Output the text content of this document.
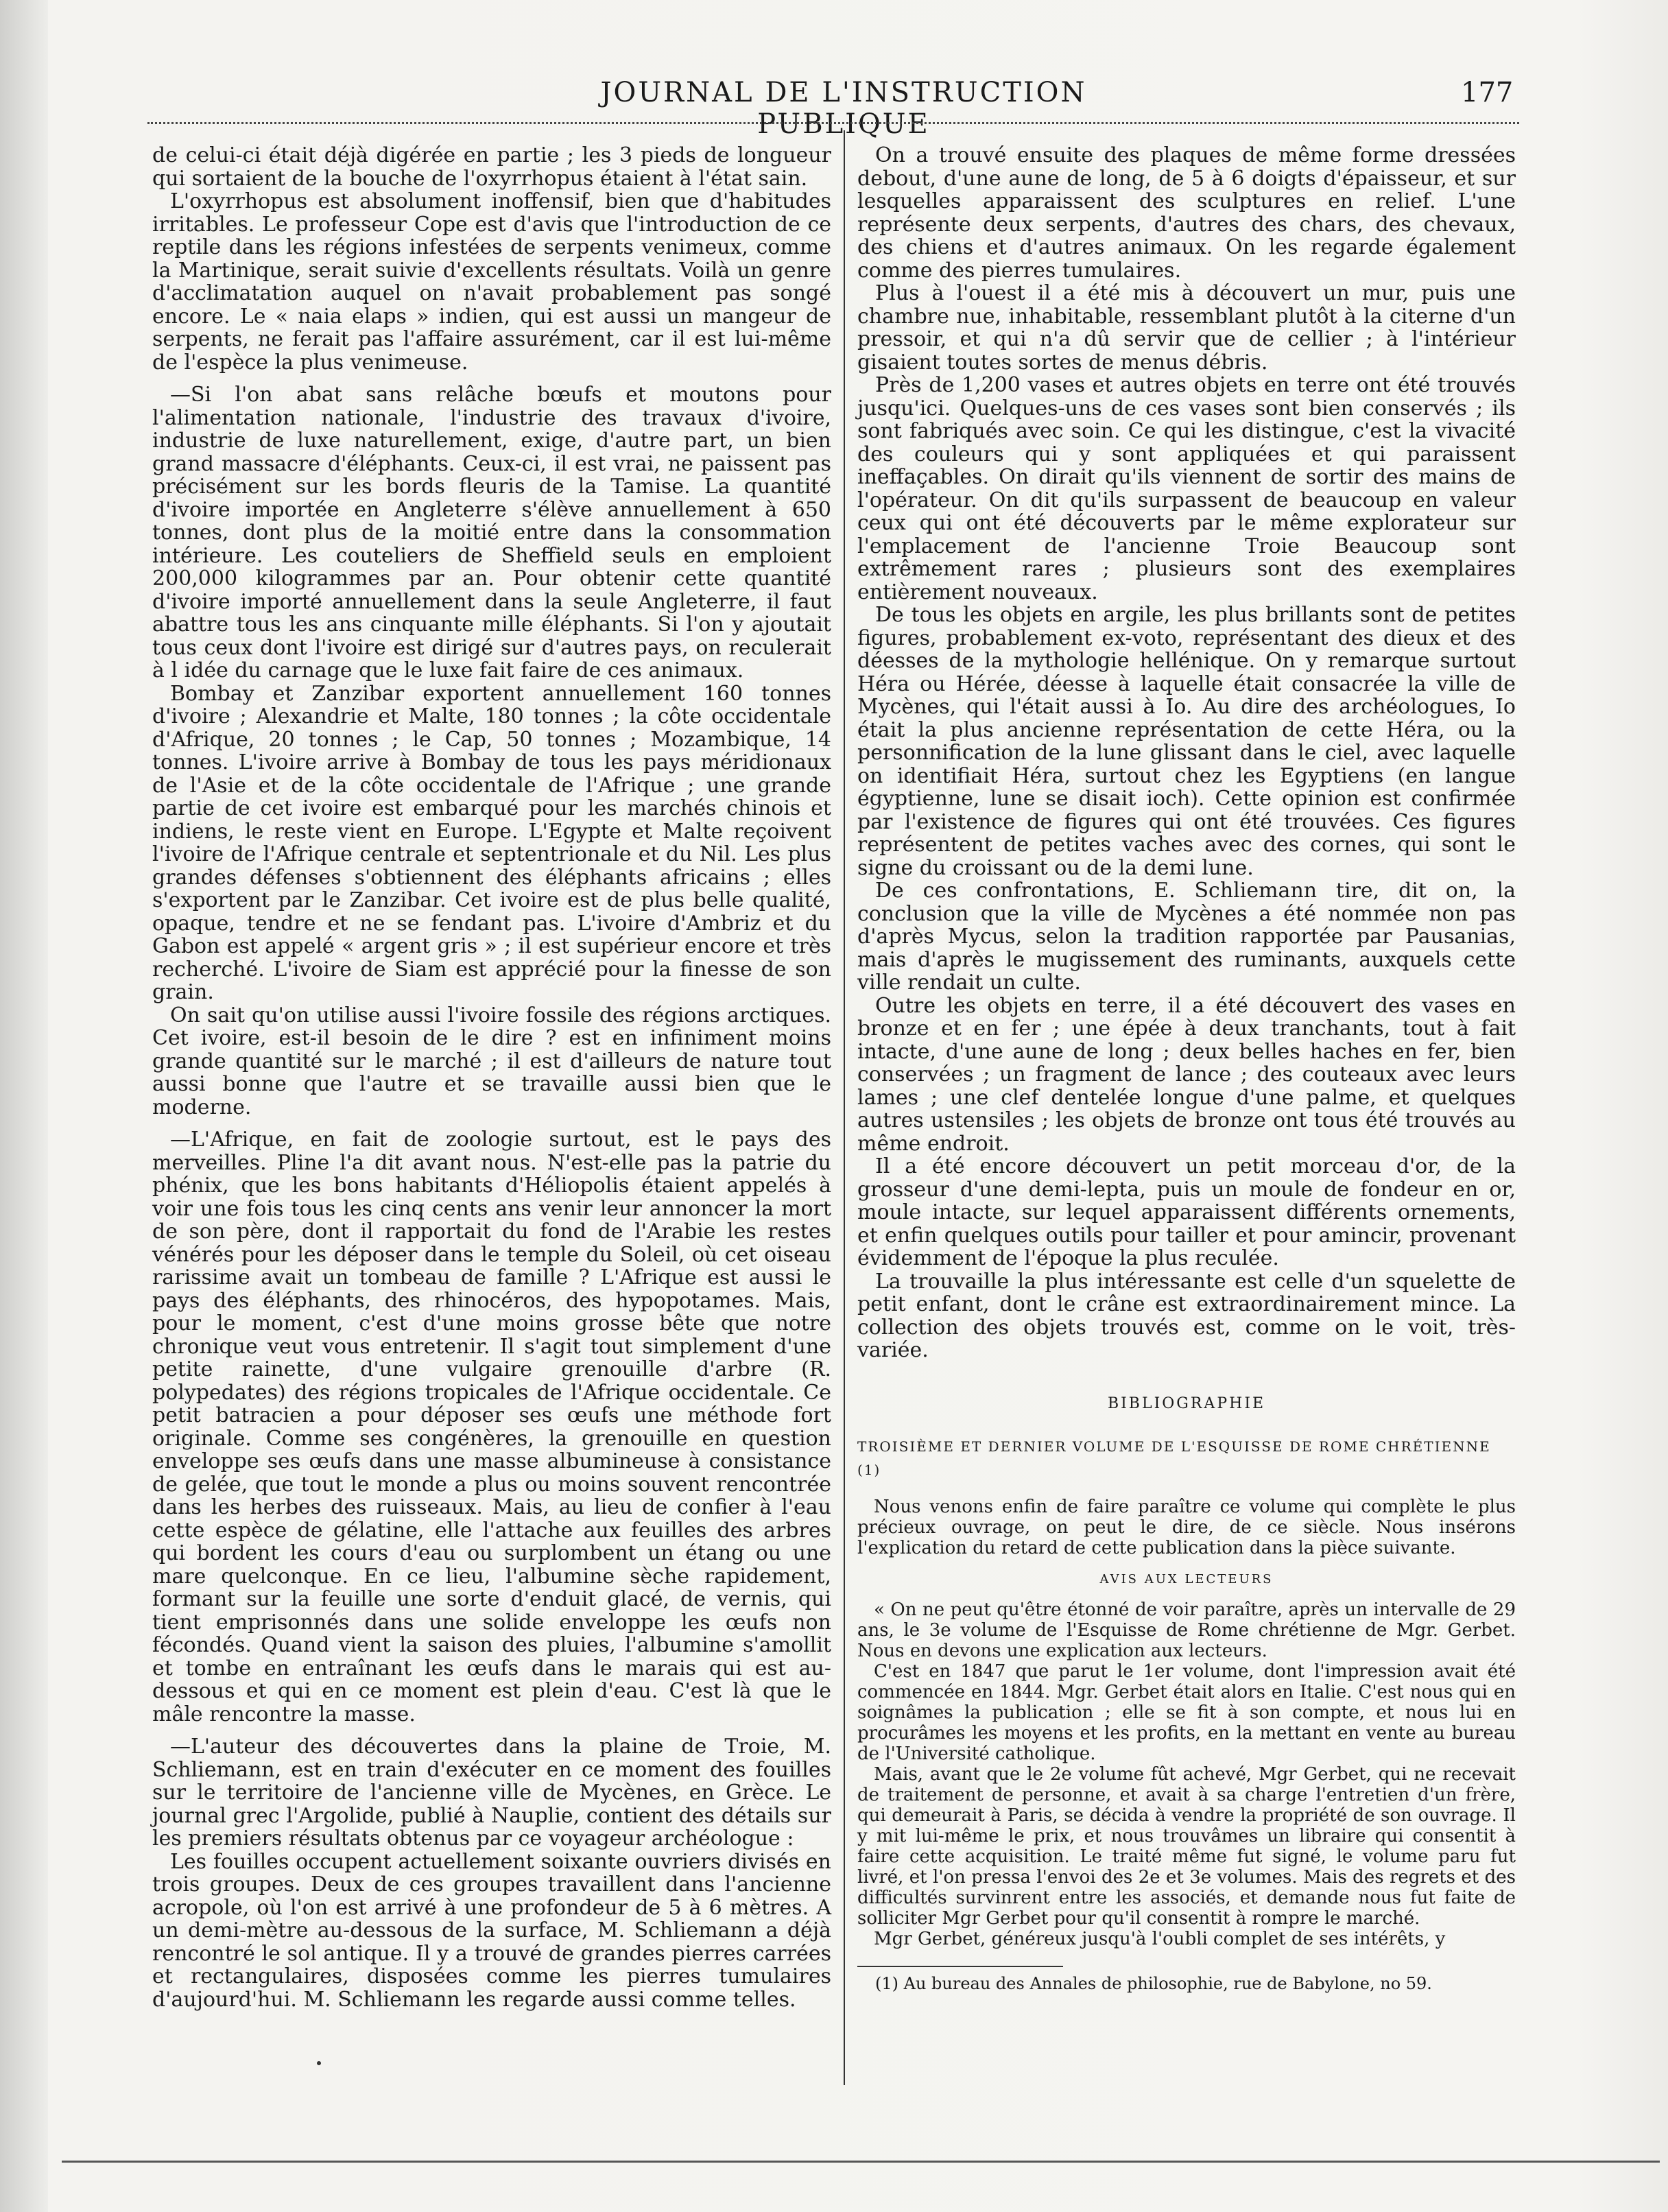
JOURNAL DE L'INSTRUCTION PUBLIQUE
177

de celui-ci était déjà digérée en partie ; les 3 pieds de longueur qui sortaient de la bouche de l'oxyrrhopus étaient à l'état sain.

L'oxyrrhopus est absolument inoffensif, bien que d'habitudes irritables. Le professeur Cope est d'avis que l'introduction de ce reptile dans les régions infestées de serpents venimeux, comme la Martinique, serait suivie d'excellents résultats. Voilà un genre d'acclimatation auquel on n'avait probablement pas songé encore. Le « naia elaps » indien, qui est aussi un mangeur de serpents, ne ferait pas l'affaire assurément, car il est lui-même de l'espèce la plus venimeuse.

—Si l'on abat sans relâche bœufs et moutons pour l'alimentation nationale, l'industrie des travaux d'ivoire, industrie de luxe naturellement, exige, d'autre part, un bien grand massacre d'éléphants. Ceux-ci, il est vrai, ne paissent pas précisément sur les bords fleuris de la Tamise. La quantité d'ivoire importée en Angleterre s'élève annuellement à 650 tonnes, dont plus de la moitié entre dans la consommation intérieure. Les couteliers de Sheffield seuls en emploient 200,000 kilogrammes par an. Pour obtenir cette quantité d'ivoire importé annuellement dans la seule Angleterre, il faut abattre tous les ans cinquante mille éléphants. Si l'on y ajoutait tous ceux dont l'ivoire est dirigé sur d'autres pays, on reculerait à l idée du carnage que le luxe fait faire de ces animaux.

Bombay et Zanzibar exportent annuellement 160 tonnes d'ivoire ; Alexandrie et Malte, 180 tonnes ; la côte occidentale d'Afrique, 20 tonnes ; le Cap, 50 tonnes ; Mozambique, 14 tonnes. L'ivoire arrive à Bombay de tous les pays méridionaux de l'Asie et de la côte occidentale de l'Afrique ; une grande partie de cet ivoire est embarqué pour les marchés chinois et indiens, le reste vient en Europe. L'Egypte et Malte reçoivent l'ivoire de l'Afrique centrale et septentrionale et du Nil. Les plus grandes défenses s'obtiennent des éléphants africains ; elles s'exportent par le Zanzibar. Cet ivoire est de plus belle qualité, opaque, tendre et ne se fendant pas. L'ivoire d'Ambriz et du Gabon est appelé « argent gris » ; il est supérieur encore et très recherché. L'ivoire de Siam est apprécié pour la finesse de son grain.

On sait qu'on utilise aussi l'ivoire fossile des régions arctiques. Cet ivoire, est-il besoin de le dire ? est en infiniment moins grande quantité sur le marché ; il est d'ailleurs de nature tout aussi bonne que l'autre et se travaille aussi bien que le moderne.

—L'Afrique, en fait de zoologie surtout, est le pays des merveilles. Pline l'a dit avant nous. N'est-elle pas la patrie du phénix, que les bons habitants d'Héliopolis étaient appelés à voir une fois tous les cinq cents ans venir leur annoncer la mort de son père, dont il rapportait du fond de l'Arabie les restes vénérés pour les déposer dans le temple du Soleil, où cet oiseau rarissime avait un tombeau de famille ? L'Afrique est aussi le pays des éléphants, des rhinocéros, des hypopotames. Mais, pour le moment, c'est d'une moins grosse bête que notre chronique veut vous entretenir. Il s'agit tout simplement d'une petite rainette, d'une vulgaire grenouille d'arbre (R. polypedates) des régions tropicales de l'Afrique occidentale. Ce petit batracien a pour déposer ses œufs une méthode fort originale. Comme ses congénères, la grenouille en question enveloppe ses œufs dans une masse albumineuse à consistance de gelée, que tout le monde a plus ou moins souvent rencontrée dans les herbes des ruisseaux. Mais, au lieu de confier à l'eau cette espèce de gélatine, elle l'attache aux feuilles des arbres qui bordent les cours d'eau ou surplombent un étang ou une mare quelconque. En ce lieu, l'albumine sèche rapidement, formant sur la feuille une sorte d'enduit glacé, de vernis, qui tient emprisonnés dans une solide enveloppe les œufs non fécondés. Quand vient la saison des pluies, l'albumine s'amollit et tombe en entraînant les œufs dans le marais qui est au-dessous et qui en ce moment est plein d'eau. C'est là que le mâle rencontre la masse.

—L'auteur des découvertes dans la plaine de Troie, M. Schliemann, est en train d'exécuter en ce moment des fouilles sur le territoire de l'ancienne ville de Mycènes, en Grèce. Le journal grec l'Argolide, publié à Nauplie, contient des détails sur les premiers résultats obtenus par ce voyageur archéologue :

Les fouilles occupent actuellement soixante ouvriers divisés en trois groupes. Deux de ces groupes travaillent dans l'ancienne acropole, où l'on est arrivé à une profondeur de 5 à 6 mètres. A un demi-mètre au-dessous de la surface, M. Schliemann a déjà rencontré le sol antique. Il y a trouvé de grandes pierres carrées et rectangulaires, disposées comme les pierres tumulaires d'aujourd'hui. M. Schliemann les regarde aussi comme telles.

On a trouvé ensuite des plaques de même forme dressées debout, d'une aune de long, de 5 à 6 doigts d'épaisseur, et sur lesquelles apparaissent des sculptures en relief. L'une représente deux serpents, d'autres des chars, des chevaux, des chiens et d'autres animaux. On les regarde également comme des pierres tumulaires.

Plus à l'ouest il a été mis à découvert un mur, puis une chambre nue, inhabitable, ressemblant plutôt à la citerne d'un pressoir, et qui n'a dû servir que de cellier ; à l'intérieur gisaient toutes sortes de menus débris.

Près de 1,200 vases et autres objets en terre ont été trouvés jusqu'ici. Quelques-uns de ces vases sont bien conservés ; ils sont fabriqués avec soin. Ce qui les distingue, c'est la vivacité des couleurs qui y sont appliquées et qui paraissent ineffaçables. On dirait qu'ils viennent de sortir des mains de l'opérateur. On dit qu'ils surpassent de beaucoup en valeur ceux qui ont été découverts par le même explorateur sur l'emplacement de l'ancienne Troie Beaucoup sont extrêmement rares ; plusieurs sont des exemplaires entièrement nouveaux.

De tous les objets en argile, les plus brillants sont de petites figures, probablement ex-voto, représentant des dieux et des déesses de la mythologie hellénique. On y remarque surtout Héra ou Hérée, déesse à laquelle était consacrée la ville de Mycènes, qui l'était aussi à Io. Au dire des archéologues, Io était la plus ancienne représentation de cette Héra, ou la personnification de la lune glissant dans le ciel, avec laquelle on identifiait Héra, surtout chez les Egyptiens (en langue égyptienne, lune se disait ioch). Cette opinion est confirmée par l'existence de figures qui ont été trouvées. Ces figures représentent de petites vaches avec des cornes, qui sont le signe du croissant ou de la demi lune.

De ces confrontations, E. Schliemann tire, dit on, la conclusion que la ville de Mycènes a été nommée non pas d'après Mycus, selon la tradition rapportée par Pausanias, mais d'après le mugissement des ruminants, auxquels cette ville rendait un culte.

Outre les objets en terre, il a été découvert des vases en bronze et en fer ; une épée à deux tranchants, tout à fait intacte, d'une aune de long ; deux belles haches en fer, bien conservées ; un fragment de lance ; des couteaux avec leurs lames ; une clef dentelée longue d'une palme, et quelques autres ustensiles ; les objets de bronze ont tous été trouvés au même endroit.

Il a été encore découvert un petit morceau d'or, de la grosseur d'une demi-lepta, puis un moule de fondeur en or, moule intacte, sur lequel apparaissent différents ornements, et enfin quelques outils pour tailler et pour amincir, provenant évidemment de l'époque la plus reculée.

La trouvaille la plus intéressante est celle d'un squelette de petit enfant, dont le crâne est extraordinairement mince. La collection des objets trouvés est, comme on le voit, très-variée.

BIBLIOGRAPHIE
TROISIÈME ET DERNIER VOLUME DE L'ESQUISSE DE ROME CHRÉTIENNE (1)

Nous venons enfin de faire paraître ce volume qui complète le plus précieux ouvrage, on peut le dire, de ce siècle. Nous insérons l'explication du retard de cette publication dans la pièce suivante.

AVIS AUX LECTEURS

« On ne peut qu'être étonné de voir paraître, après un intervalle de 29 ans, le 3e volume de l'Esquisse de Rome chrétienne de Mgr. Gerbet. Nous en devons une explication aux lecteurs.

C'est en 1847 que parut le 1er volume, dont l'impression avait été commencée en 1844. Mgr. Gerbet était alors en Italie. C'est nous qui en soignâmes la publication ; elle se fit à son compte, et nous lui en procurâmes les moyens et les profits, en la mettant en vente au bureau de l'Université catholique.

Mais, avant que le 2e volume fût achevé, Mgr Gerbet, qui ne recevait de traitement de personne, et avait à sa charge l'entretien d'un frère, qui demeurait à Paris, se décida à vendre la propriété de son ouvrage. Il y mit lui-même le prix, et nous trouvâmes un libraire qui consentit à faire cette acquisition. Le traité même fut signé, le volume paru fut livré, et l'on pressa l'envoi des 2e et 3e volumes. Mais des regrets et des difficultés survinrent entre les associés, et demande nous fut faite de solliciter Mgr Gerbet pour qu'il consentit à rompre le marché.

Mgr Gerbet, généreux jusqu'à l'oubli complet de ses intérêts, y

(1) Au bureau des Annales de philosophie, rue de Babylone, no 59.
